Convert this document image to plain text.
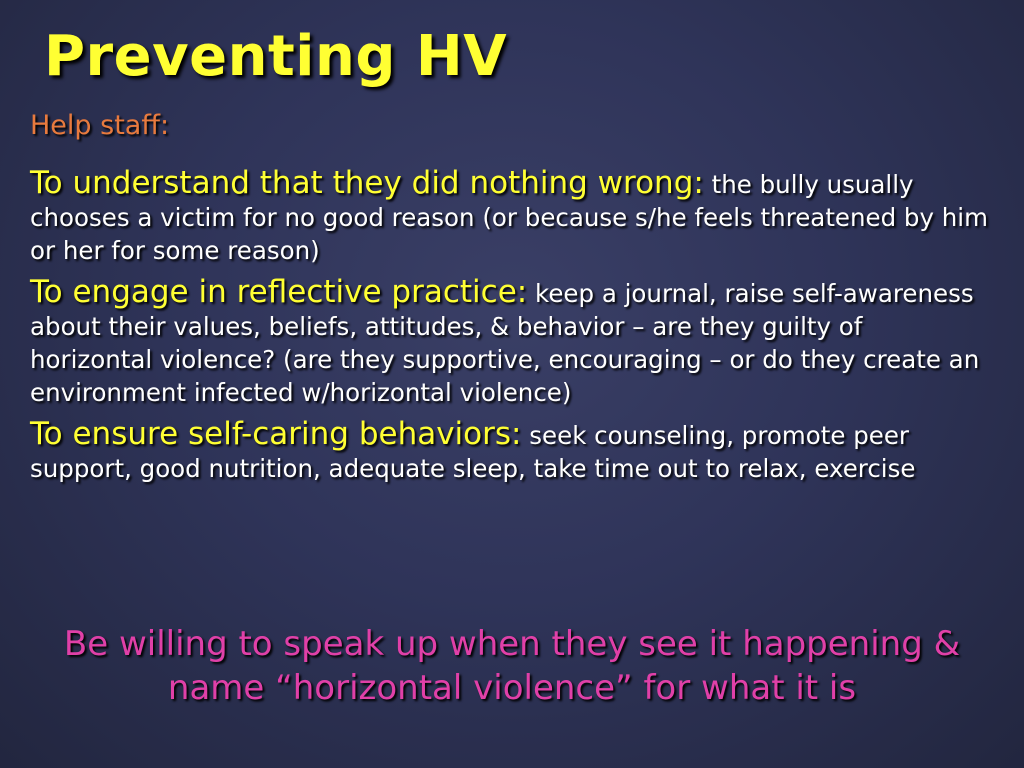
Preventing HV
Help staff:
To understand that they did nothing wrong: the bully usually chooses a victim for no good reason (or because s/he feels threatened by him or her for some reason)
To engage in reflective practice: keep a journal, raise self-awareness about their values, beliefs, attitudes, & behavior – are they guilty of horizontal violence? (are they supportive, encouraging – or do they create an environment infected w/horizontal violence)
To ensure self-caring behaviors: seek counseling, promote peer support, good nutrition, adequate sleep, take time out to relax, exercise
Be willing to speak up when they see it happening & name “horizontal violence” for what it is
